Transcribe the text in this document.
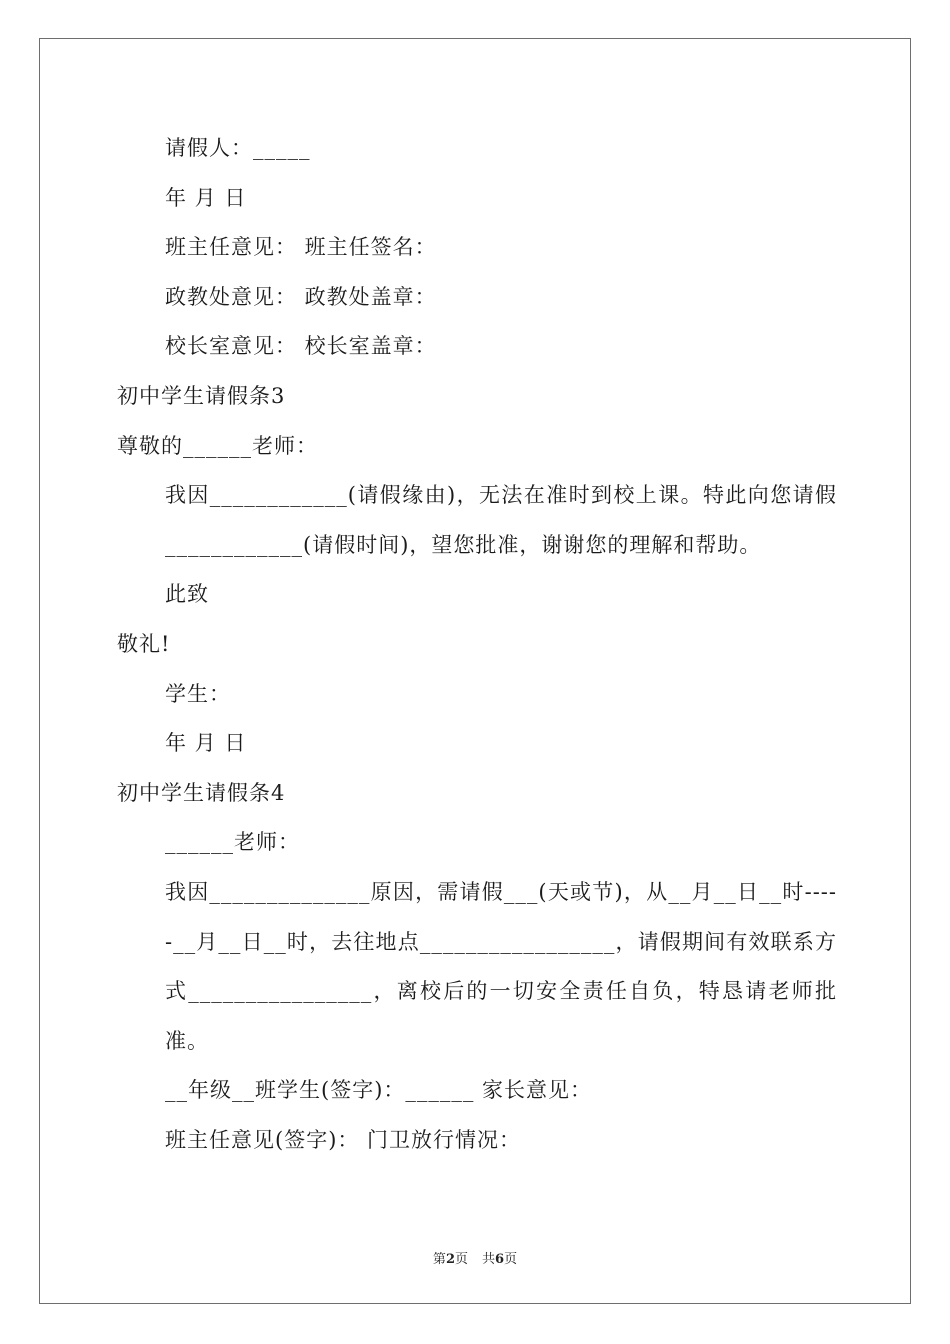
请假人：_____
年 月 日
班主任意见： 班主任签名：
政教处意见： 政教处盖章：
校长室意见： 校长室盖章：
初中学生请假条3
尊敬的______老师：
我因____________(请假缘由)，无法在准时到校上课。特此向您请假____________(请假时间)，望您批准，谢谢您的理解和帮助。
此致
敬礼!
学生：
年 月 日
初中学生请假条4
______老师：
我因______________原因，需请假___(天或节)，从__月__日__时-----__月__日__时，去往地点_________________，请假期间有效联系方式________________，离校后的一切安全责任自负，特恳请老师批准。
__年级__班学生(签字)：______ 家长意见：
班主任意见(签字)： 门卫放行情况：
第2页 共6页
